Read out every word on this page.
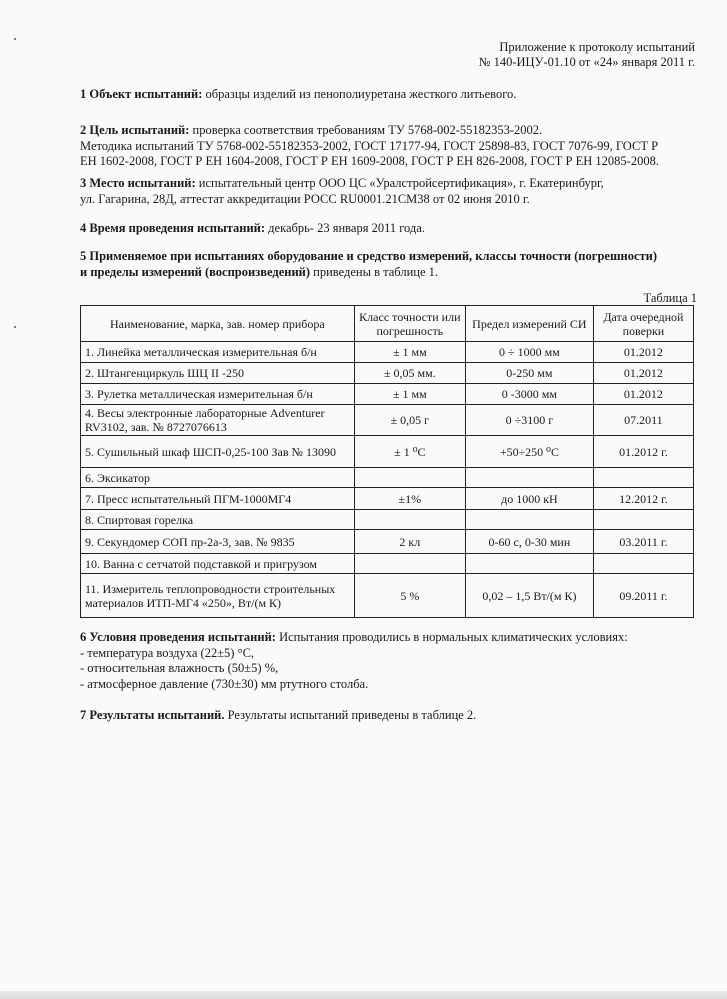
Приложение к протоколу испытаний
№ 140-ИЦУ-01.10 от «24» января 2011 г.
1 Объект испытаний: образцы изделий из пенополиуретана жесткого литьевого.
2 Цель испытаний: проверка соответствия требованиям ТУ 5768-002-55182353-2002.
Методика испытаний ТУ 5768-002-55182353-2002, ГОСТ 17177-94, ГОСТ 25898-83, ГОСТ 7076-99, ГОСТ Р
ЕН 1602-2008, ГОСТ Р ЕН 1604-2008, ГОСТ Р ЕН 1609-2008, ГОСТ Р ЕН 826-2008, ГОСТ Р ЕН 12085-2008.
3 Место испытаний: испытательный центр ООО ЦС «Уралстройсертификация», г. Екатеринбург,
ул. Гагарина, 28Д, аттестат аккредитации РОСС RU0001.21СМ38 от 02 июня 2010 г.
4 Время проведения испытаний: декабрь- 23 января 2011 года.
5 Применяемое при испытаниях оборудование и средство измерений, классы точности (погрешности)
и пределы измерений (воспроизведений) приведены в таблице 1.
Таблица 1
Наименование, марка, зав. номер прибора	Класс точности или погрешность	Предел измерений СИ	Дата очередной поверки
1. Линейка металлическая измерительная б/н	± 1 мм	0 ÷ 1000 мм	01.2012
2. Штангенциркуль ШЦ II -250	± 0,05 мм.	0-250 мм	01.2012
3. Рулетка металлическая измерительная б/н	± 1 мм	0 -3000 мм	01.2012
4. Весы электронные лабораторные Adventurer RV3102, зав. № 8727076613	± 0,05 г	0 ÷3100 г	07.2011
5. Сушильный шкаф ШСП-0,25-100 Зав № 13090	± 1 ⁰С	+50÷250 ⁰С	01.2012 г.
6. Эксикатор			
7. Пресс испытательный ПГМ-1000МГ4	±1%	до 1000 кН	12.2012 г.
8. Спиртовая горелка			
9. Секундомер СОП пр-2а-3, зав. № 9835	2 кл	0-60 с, 0-30 мин	03.2011 г.
10. Ванна с сетчатой подставкой и пригрузом			
11. Измеритель теплопроводности строительных материалов ИТП-МГ4 «250», Вт/(м К)	5 %	0,02 – 1,5 Вт/(м К)	09.2011 г.
6 Условия проведения испытаний: Испытания проводились в нормальных климатических условиях:
- температура воздуха (22±5) °С,
- относительная влажность (50±5) %,
- атмосферное давление (730±30) мм ртутного столба.
7 Результаты испытаний. Результаты испытаний приведены в таблице 2.
